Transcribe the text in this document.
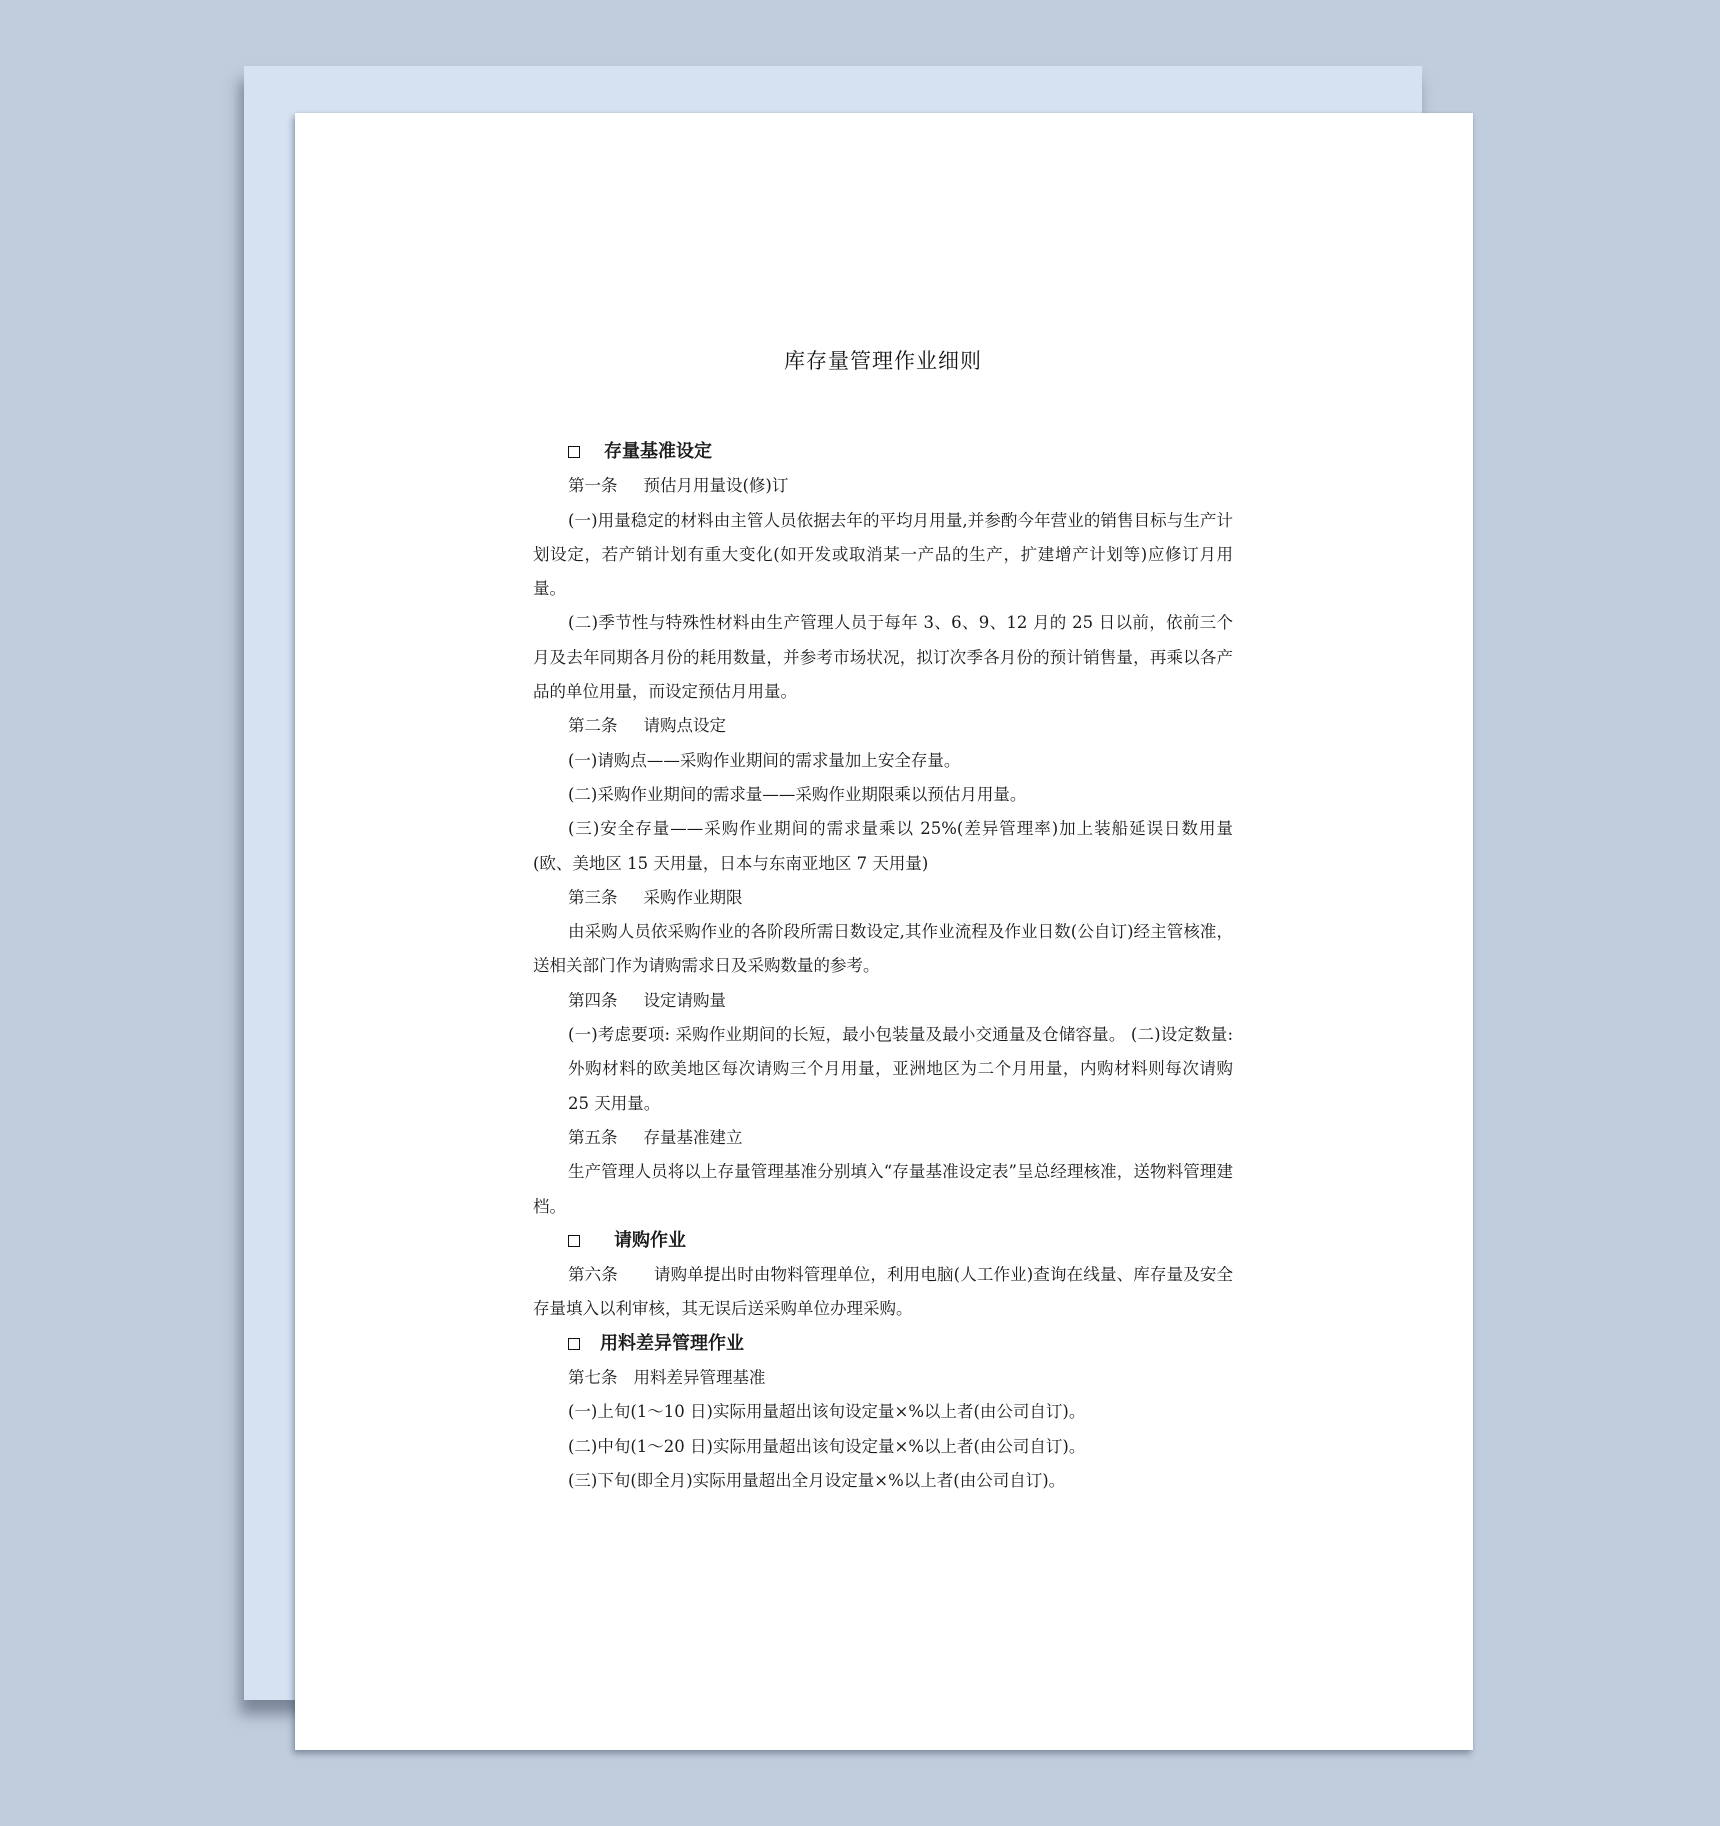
库存量管理作业细则

存量基准设定

第一条 预估月用量设(修)订

(一)用量稳定的材料由主管人员依据去年的平均月用量,并参酌今年营业的销售目标与生产计划设定，若产销计划有重大变化(如开发或取消某一产品的生产，扩建增产计划等)应修订月用量。

(二)季节性与特殊性材料由生产管理人员于每年 3、6、9、12 月的 25 日以前，依前三个月及去年同期各月份的耗用数量，并参考市场状况，拟订次季各月份的预计销售量，再乘以各产品的单位用量，而设定预估月用量。

第二条 请购点设定

(一)请购点——采购作业期间的需求量加上安全存量。

(二)采购作业期间的需求量——采购作业期限乘以预估月用量。

(三)安全存量——采购作业期间的需求量乘以 25%(差异管理率)加上装船延误日数用量(欧、美地区 15 天用量，日本与东南亚地区 7 天用量)

第三条 采购作业期限

由采购人员依采购作业的各阶段所需日数设定,其作业流程及作业日数(公自订)经主管核准，送相关部门作为请购需求日及采购数量的参考。

第四条 设定请购量

(一)考虑要项: 采购作业期间的长短，最小包装量及最小交通量及仓储容量。 (二)设定数量: 外购材料的欧美地区每次请购三个月用量，亚洲地区为二个月用量，内购材料则每次请购 25 天用量。

第五条 存量基准建立

生产管理人员将以上存量管理基准分别填入“存量基准设定表”呈总经理核准，送物料管理建档。

请购作业

第六条 请购单提出时由物料管理单位，利用电脑(人工作业)查询在线量、库存量及安全存量填入以利审核，其无误后送采购单位办理采购。

用料差异管理作业

第七条 用料差异管理基准

(一)上旬(1～10 日)实际用量超出该旬设定量×%以上者(由公司自订)。

(二)中旬(1～20 日)实际用量超出该旬设定量×%以上者(由公司自订)。

(三)下旬(即全月)实际用量超出全月设定量×%以上者(由公司自订)。
